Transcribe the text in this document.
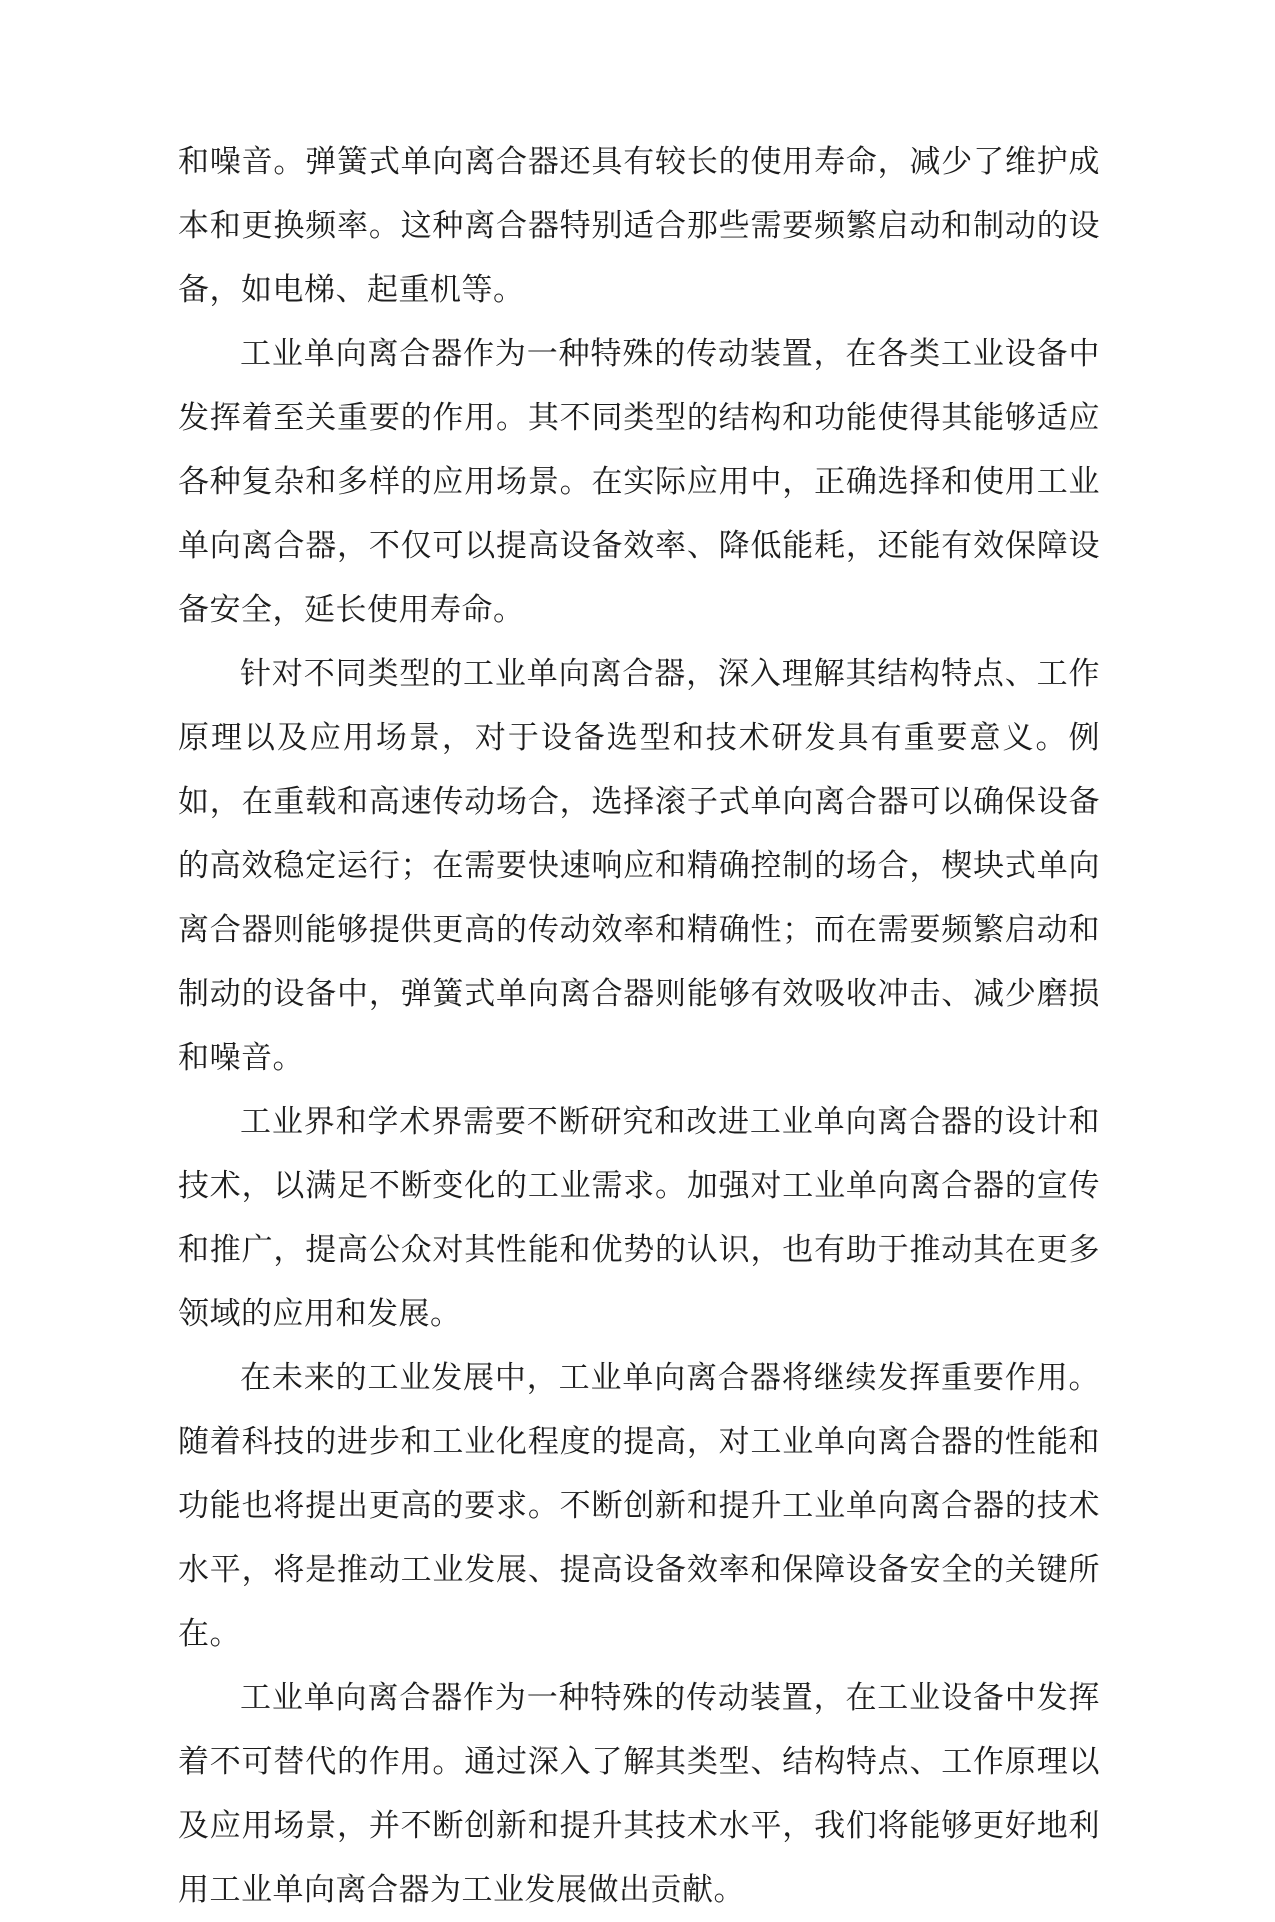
和噪音。弹簧式单向离合器还具有较长的使用寿命，减少了维护成本和更换频率。这种离合器特别适合那些需要频繁启动和制动的设备，如电梯、起重机等。

工业单向离合器作为一种特殊的传动装置，在各类工业设备中发挥着至关重要的作用。其不同类型的结构和功能使得其能够适应各种复杂和多样的应用场景。在实际应用中，正确选择和使用工业单向离合器，不仅可以提高设备效率、降低能耗，还能有效保障设备安全，延长使用寿命。

针对不同类型的工业单向离合器，深入理解其结构特点、工作原理以及应用场景，对于设备选型和技术研发具有重要意义。例如，在重载和高速传动场合，选择滚子式单向离合器可以确保设备的高效稳定运行；在需要快速响应和精确控制的场合，楔块式单向离合器则能够提供更高的传动效率和精确性；而在需要频繁启动和制动的设备中，弹簧式单向离合器则能够有效吸收冲击、减少磨损和噪音。

工业界和学术界需要不断研究和改进工业单向离合器的设计和技术，以满足不断变化的工业需求。加强对工业单向离合器的宣传和推广，提高公众对其性能和优势的认识，也有助于推动其在更多领域的应用和发展。

在未来的工业发展中，工业单向离合器将继续发挥重要作用。随着科技的进步和工业化程度的提高，对工业单向离合器的性能和功能也将提出更高的要求。不断创新和提升工业单向离合器的技术水平，将是推动工业发展、提高设备效率和保障设备安全的关键所在。

工业单向离合器作为一种特殊的传动装置，在工业设备中发挥着不可替代的作用。通过深入了解其类型、结构特点、工作原理以及应用场景，并不断创新和提升其技术水平，我们将能够更好地利用工业单向离合器为工业发展做出贡献。
